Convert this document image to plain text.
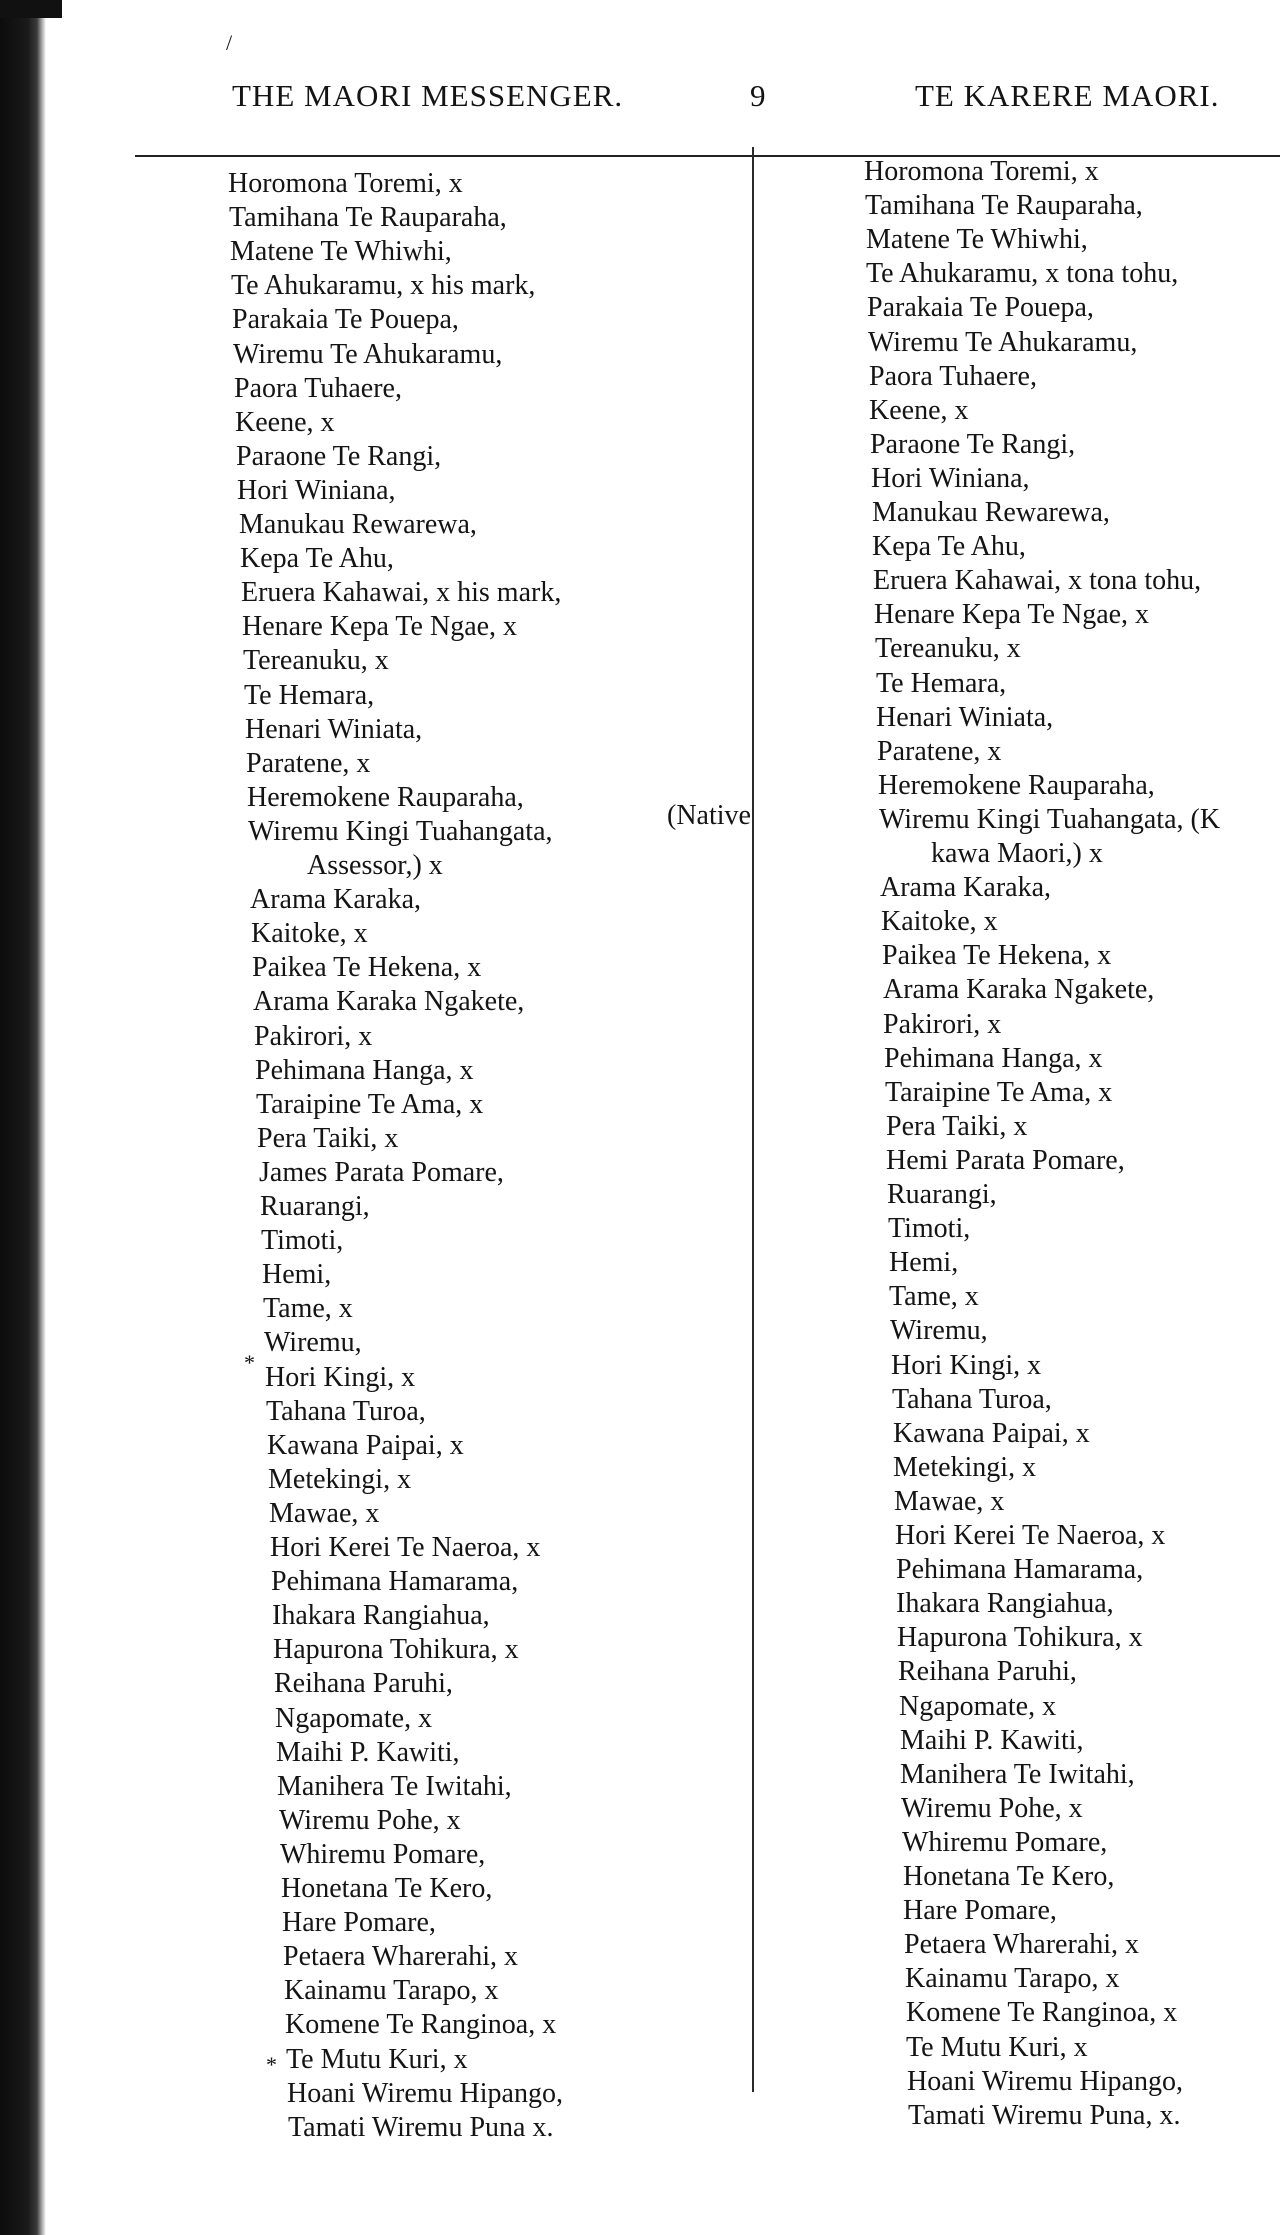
/
THE MAORI MESSENGER.	9	TE KARERE MAORI.
Horomona Toremi, x
Tamihana Te Rauparaha,
Matene Te Whiwhi,
Te Ahukaramu, x his mark,
Parakaia Te Pouepa,
Wiremu Te Ahukaramu,
Paora Tuhaere,
Keene, x
Paraone Te Rangi,
Hori Winiana,
Manukau Rewarewa,
Kepa Te Ahu,
Eruera Kahawai, x his mark,
Henare Kepa Te Ngae, x
Tereanuku, x
Te Hemara,
Henari Winiata,
Paratene, x
Heremokene Rauparaha,
Wiremu Kingi Tuahangata,
Assessor,) x
Arama Karaka,
Kaitoke, x
Paikea Te Hekena, x
Arama Karaka Ngakete,
Pakirori, x
Pehimana Hanga, x
Taraipine Te Ama, x
Pera Taiki, x
James Parata Pomare,
Ruarangi,
Timoti,
Hemi,
Tame, x
Wiremu,
Hori Kingi, x
Tahana Turoa,
Kawana Paipai, x
Metekingi, x
Mawae, x
Hori Kerei Te Naeroa, x
Pehimana Hamarama,
Ihakara Rangiahua,
Hapurona Tohikura, x
Reihana Paruhi,
Ngapomate, x
Maihi P. Kawiti,
Manihera Te Iwitahi,
Wiremu Pohe, x
Whiremu Pomare,
Honetana Te Kero,
Hare Pomare,
Petaera Wharerahi, x
Kainamu Tarapo, x
Komene Te Ranginoa, x
Te Mutu Kuri, x
Hoani Wiremu Hipango,
Tamati Wiremu Puna x.
(Native
*
*
Horomona Toremi, x
Tamihana Te Rauparaha,
Matene Te Whiwhi,
Te Ahukaramu, x tona tohu,
Parakaia Te Pouepa,
Wiremu Te Ahukaramu,
Paora Tuhaere,
Keene, x
Paraone Te Rangi,
Hori Winiana,
Manukau Rewarewa,
Kepa Te Ahu,
Eruera Kahawai, x tona tohu,
Henare Kepa Te Ngae, x
Tereanuku, x
Te Hemara,
Henari Winiata,
Paratene, x
Heremokene Rauparaha,
Wiremu Kingi Tuahangata, (K
kawa Maori,) x
Arama Karaka,
Kaitoke, x
Paikea Te Hekena, x
Arama Karaka Ngakete,
Pakirori, x
Pehimana Hanga, x
Taraipine Te Ama, x
Pera Taiki, x
Hemi Parata Pomare,
Ruarangi,
Timoti,
Hemi,
Tame, x
Wiremu,
Hori Kingi, x
Tahana Turoa,
Kawana Paipai, x
Metekingi, x
Mawae, x
Hori Kerei Te Naeroa, x
Pehimana Hamarama,
Ihakara Rangiahua,
Hapurona Tohikura, x
Reihana Paruhi,
Ngapomate, x
Maihi P. Kawiti,
Manihera Te Iwitahi,
Wiremu Pohe, x
Whiremu Pomare,
Honetana Te Kero,
Hare Pomare,
Petaera Wharerahi, x
Kainamu Tarapo, x
Komene Te Ranginoa, x
Te Mutu Kuri, x
Hoani Wiremu Hipango,
Tamati Wiremu Puna, x.
